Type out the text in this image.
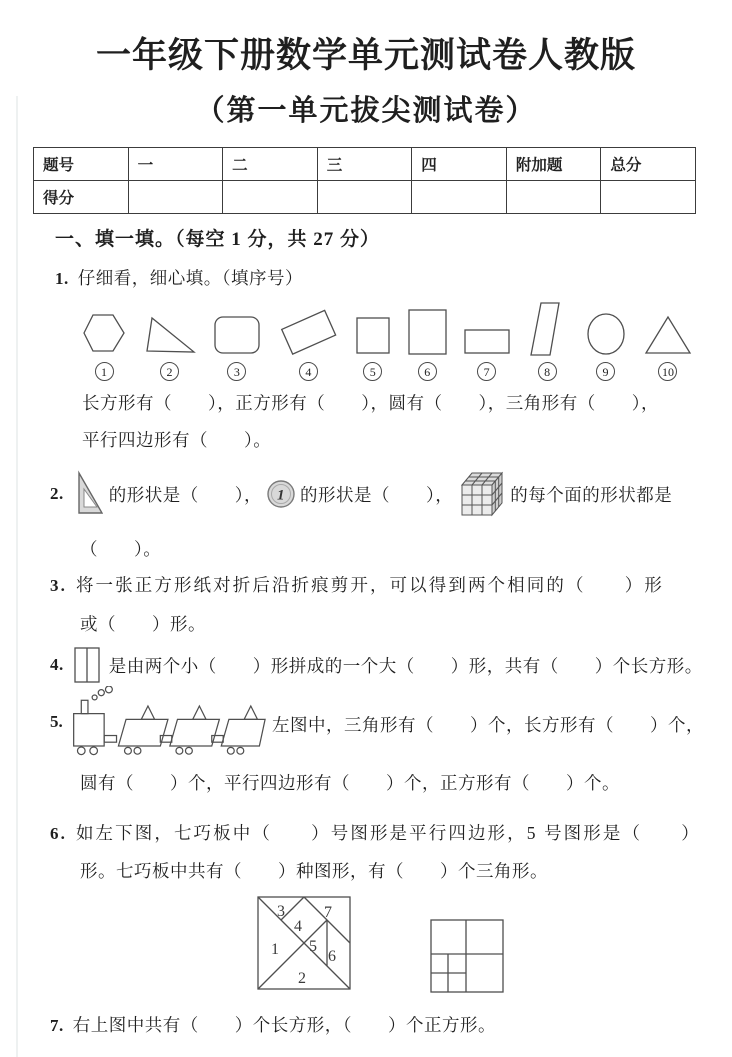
一年级下册数学单元测试卷人教版
（第一单元拔尖测试卷）
题号	一	二	三	四	附加题	总分
得分						
一、填一填。（每空 1 分，共 27 分）
1. 仔细看，细心填。（填序号）
1	2	3	4	5	6	7	8	9	10
长方形有（　　），正方形有（　　），圆有（　　），三角形有（　　），
平行四边形有（　　）。
2.	的形状是（　　）， 1 的形状是（　　），	的每个面的形状都是
（　　）。
3. 将一张正方形纸对折后沿折痕剪开，可以得到两个相同的（　　）形
或（　　）形。
4.	是由两个小（　　）形拼成的一个大（　　）形，共有（　　）个长方形。
5.	左图中，三角形有（　　）个，长方形有（　　）个，
圆有（　　）个，平行四边形有（　　）个，正方形有（　　）个。
6. 如左下图，七巧板中（　　）号图形是平行四边形，5 号图形是（　　）
形。七巧板中共有（　　）种图形，有（　　）个三角形。
1
2
3
4
5
6
7
7. 右上图中共有（　　）个长方形，（　　）个正方形。
